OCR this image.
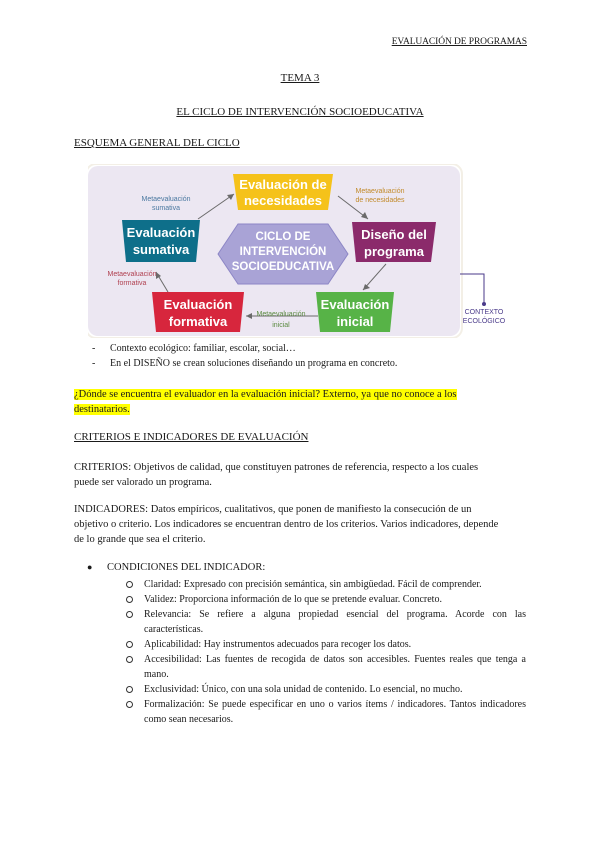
EVALUACIÓN DE PROGRAMAS
TEMA 3
EL CICLO DE INTERVENCIÓN SOCIOEDUCATIVA
ESQUEMA GENERAL DEL CICLO
CICLO DE
INTERVENCIÓN
SOCIOEDUCATIVA
Evaluación de
necesidades
Diseño del
programa
Evaluación
inicial
Evaluación
formativa
Evaluación
sumativa
Metaevaluación
sumativa
Metaevaluación
de necesidades
Metaevaluación
formativa
Metaevaluación
inicial
CONTEXTO
ECOLÓGICO
- Contexto ecológico: familiar, escolar, social…
- En el DISEÑO se crean soluciones diseñando un programa en concreto.
¿Dónde se encuentra el evaluador en la evaluación inicial? Externo, ya que no conoce a los
destinatarios.
CRITERIOS E INDICADORES DE EVALUACIÓN
CRITERIOS: Objetivos de calidad, que constituyen patrones de referencia, respecto a los cuales
puede ser valorado un programa.
INDICADORES: Datos empíricos, cualitativos, que ponen de manifiesto la consecución de un
objetivo o criterio. Los indicadores se encuentran dentro de los criterios. Varios indicadores, depende
de lo grande que sea el criterio.
● CONDICIONES DEL INDICADOR:
Claridad: Expresado con precisión semántica, sin ambigüedad. Fácil de comprender.
Validez: Proporciona información de lo que se pretende evaluar. Concreto.
Relevancia: Se refiere a alguna propiedad esencial del programa. Acorde con las características.
Aplicabilidad: Hay instrumentos adecuados para recoger los datos.
Accesibilidad: Las fuentes de recogida de datos son accesibles. Fuentes reales que tenga a mano.
Exclusividad: Único, con una sola unidad de contenido. Lo esencial, no mucho.
Formalización: Se puede especificar en uno o varios ítems / indicadores. Tantos indicadores como sean necesarios.
